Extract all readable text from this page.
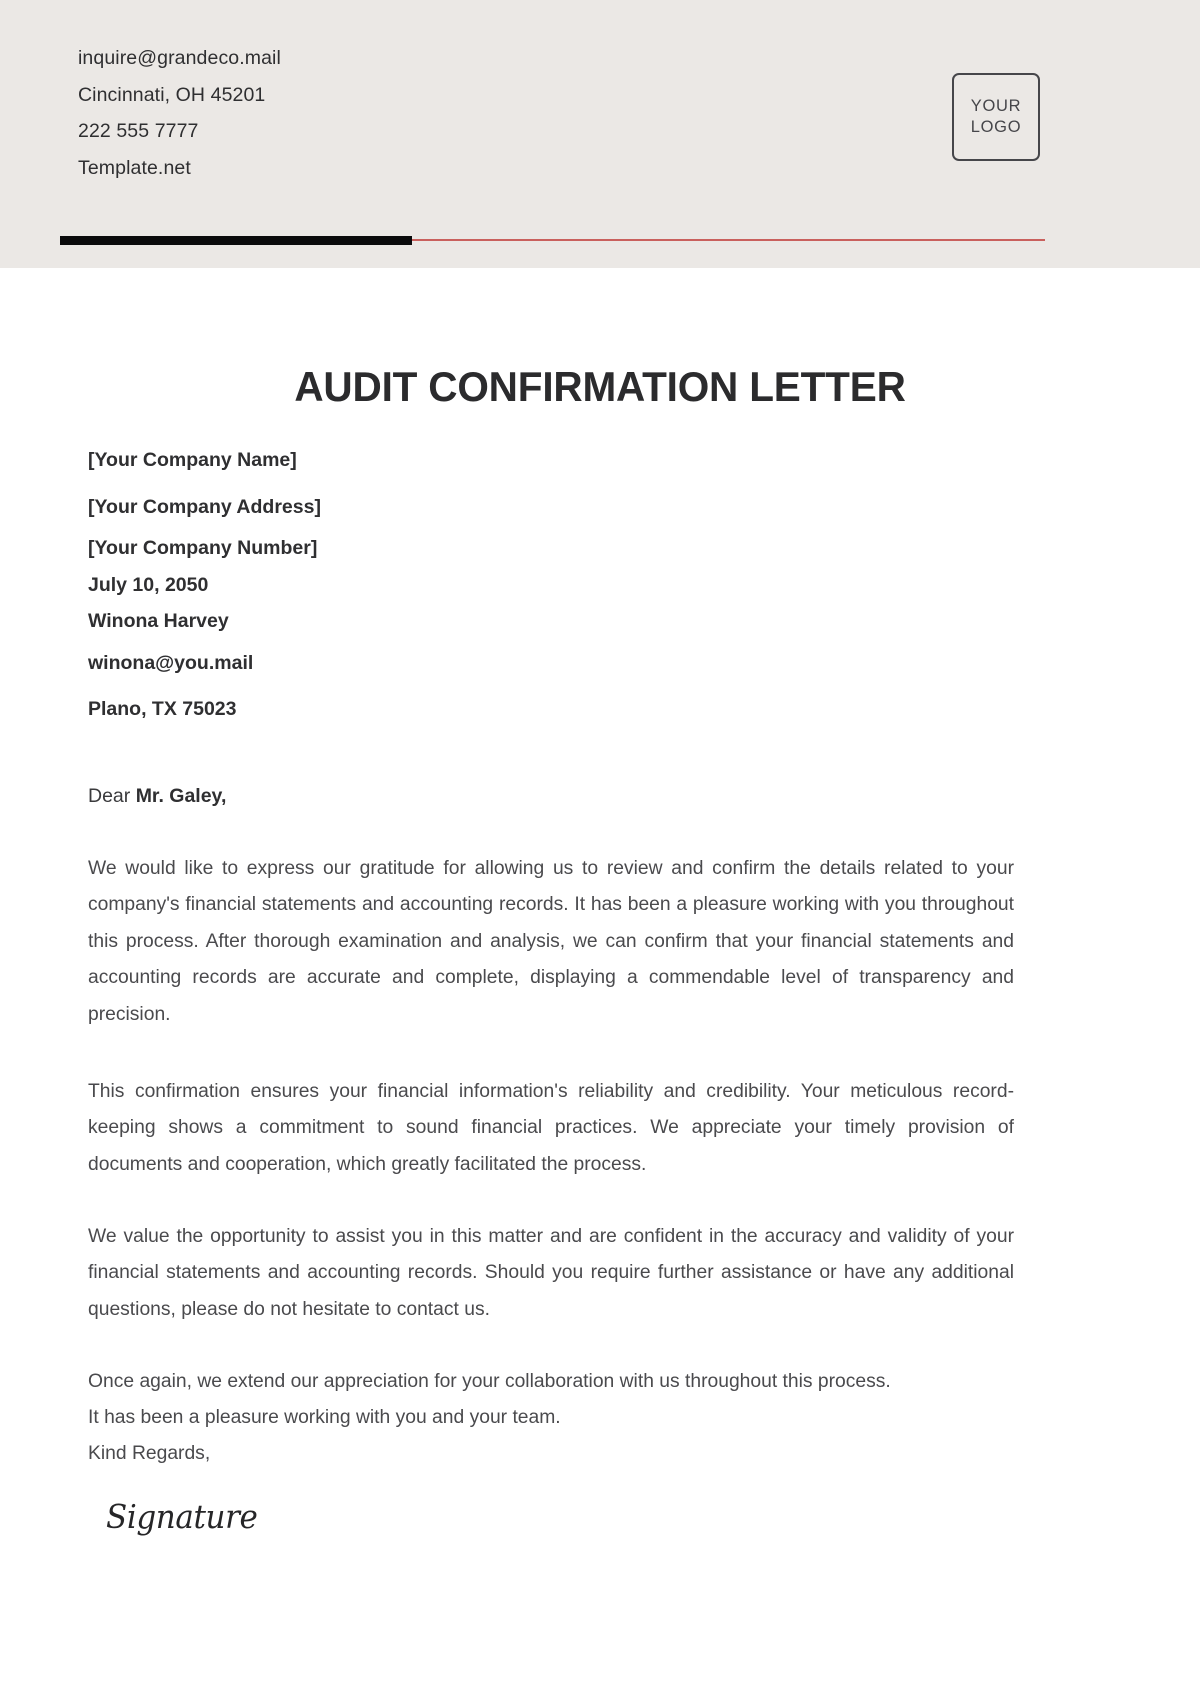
inquire@grandeco.mail
Cincinnati, OH 45201
222 555 7777
Template.net
YOUR
LOGO
AUDIT CONFIRMATION LETTER
[Your Company Name]
[Your Company Address]
[Your Company Number]
July 10, 2050
Winona Harvey
winona@you.mail
Plano, TX 75023
Dear Mr. Galey,
We would like to express our gratitude for allowing us to review and confirm the details related to your company's financial statements and accounting records. It has been a pleasure working with you throughout this process. After thorough examination and analysis, we can confirm that your financial statements and accounting records are accurate and complete, displaying a commendable level of transparency and precision.
This confirmation ensures your financial information's reliability and credibility. Your meticulous record-keeping shows a commitment to sound financial practices. We appreciate your timely provision of documents and cooperation, which greatly facilitated the process.
We value the opportunity to assist you in this matter and are confident in the accuracy and validity of your financial statements and accounting records. Should you require further assistance or have any additional questions, please do not hesitate to contact us.
Once again, we extend our appreciation for your collaboration with us throughout this process.
It has been a pleasure working with you and your team.
Kind Regards,
Signature
